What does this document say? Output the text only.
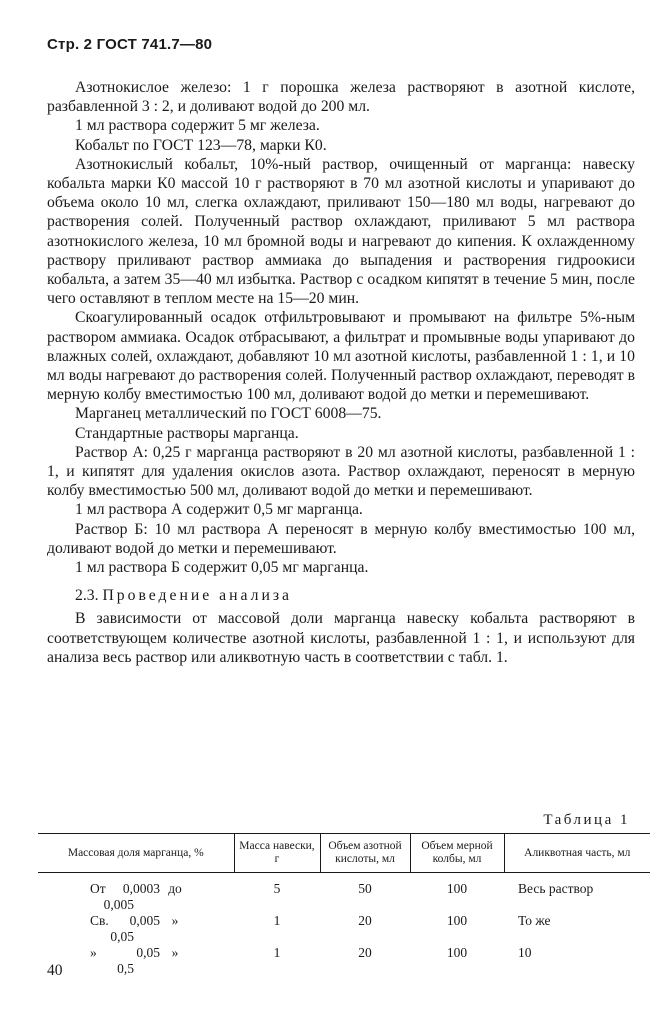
Стр. 2 ГОСТ 741.7—80

Азотнокислое железо: 1 г порошка железа растворяют в азотной кислоте, разбавленной 3 : 2, и доливают водой до 200 мл.

1 мл раствора содержит 5 мг железа.

Кобальт по ГОСТ 123—78, марки К0.

Азотнокислый кобальт, 10%-ный раствор, очищенный от марганца: навеску кобальта марки К0 массой 10 г растворяют в 70 мл азотной кислоты и упаривают до объема около 10 мл, слегка охлаждают, приливают 150—180 мл воды, нагревают до растворения солей. Полученный раствор охлаждают, приливают 5 мл раствора азотнокислого железа, 10 мл бромной воды и нагревают до кипения. К охлажденному раствору приливают раствор аммиака до выпадения и растворения гидроокиси кобальта, а затем 35—40 мл избытка. Раствор с осадком кипятят в течение 5 мин, после чего оставляют в теплом месте на 15—20 мин.

Скоагулированный осадок отфильтровывают и промывают на фильтре 5%-ным раствором аммиака. Осадок отбрасывают, а фильтрат и промывные воды упаривают до влажных солей, охлаждают, добавляют 10 мл азотной кислоты, разбавленной 1 : 1, и 10 мл воды нагревают до растворения солей. Полученный раствор охлаждают, переводят в мерную колбу вместимостью 100 мл, доливают водой до метки и перемешивают.

Марганец металлический по ГОСТ 6008—75.

Стандартные растворы марганца.

Раствор А: 0,25 г марганца растворяют в 20 мл азотной кислоты, разбавленной 1 : 1, и кипятят для удаления окислов азота. Раствор охлаждают, переносят в мерную колбу вместимостью 500 мл, доливают водой до метки и перемешивают.

1 мл раствора А содержит 0,5 мг марганца.

Раствор Б: 10 мл раствора А переносят в мерную колбу вместимостью 100 мл, доливают водой до метки и перемешивают.

1 мл раствора Б содержит 0,05 мг марганца.

2.3. Проведение анализа

В зависимости от массовой доли марганца навеску кобальта растворяют в соответствующем количестве азотной кислоты, разбавленной 1 : 1, и используют для анализа весь раствор или аликвотную часть в соответствии с табл. 1.

Таблица 1
Массовая доля марганца, %	Масса навески, г	Объем азотной кислоты, мл	Объем мерной колбы, мл	Аликвотная часть, мл
От 0,0003 до0,005	5	50	100	Весь раствор
Св. 0,005 »0,05	1	20	100	То же
» 0,05 »0,5	1	20	100	10
40
